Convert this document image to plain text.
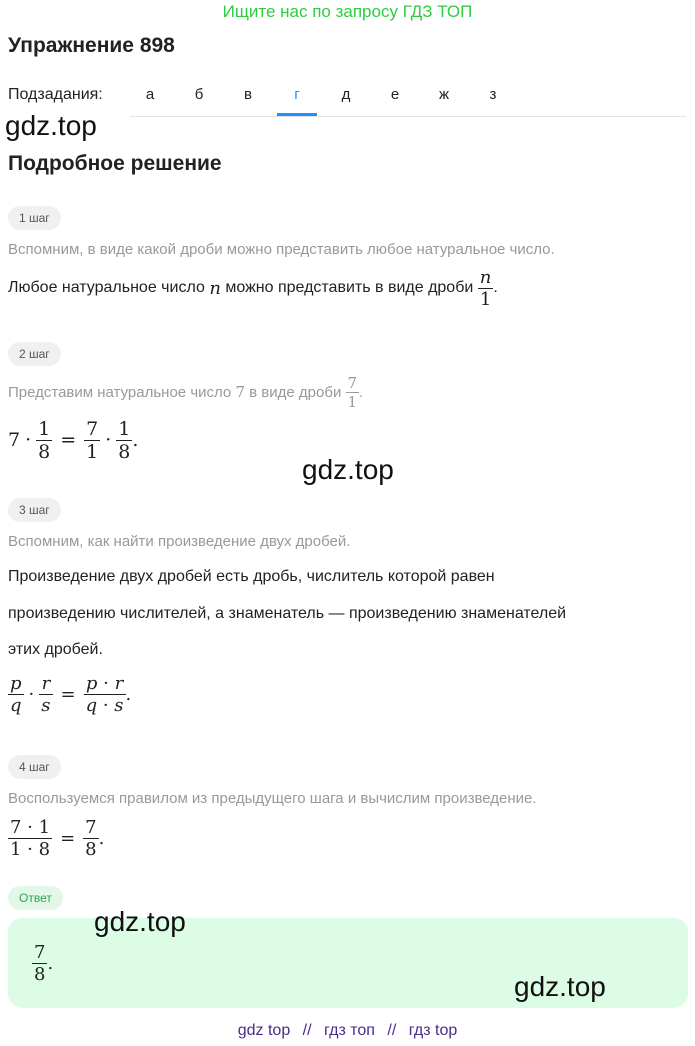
Ищите нас по запросу ГДЗ ТОП
Упражнение 898
Подзадания:	а	б	в	г	д	е	ж	з
gdz.top
Подробное решение
1 шаг
Вспомним, в виде какой дроби можно представить любое натуральное число.
Любое натуральное число
n
можно представить в виде дроби
$\frac{n}{1}$ .
2 шаг
Представим натуральное число
7
в виде дроби
$\frac{7}{1}$ .
$7 \cdot \frac{1}{8} = \frac{7}{1} \cdot \frac{1}{8}$ .
gdz.top
3 шаг
Вспомним, как найти произведение двух дробей.
Произведение двух дробей есть дробь, числитель которой равен
произведению числителей, а знаменатель — произведению знаменателей
этих дробей.
$\frac{p}{q} \cdot \frac{r}{s} = \frac{p \cdot r}{q \cdot s}$ .
4 шаг
Воспользуемся правилом из предыдущего шага и вычислим произведение.
$\frac{7 \cdot 1}{1 \cdot 8} = \frac{7}{8}$ .
Ответ
$\frac{7}{8}$ .
gdz.top
gdz.top
gdz top // гдз топ // гдз top
